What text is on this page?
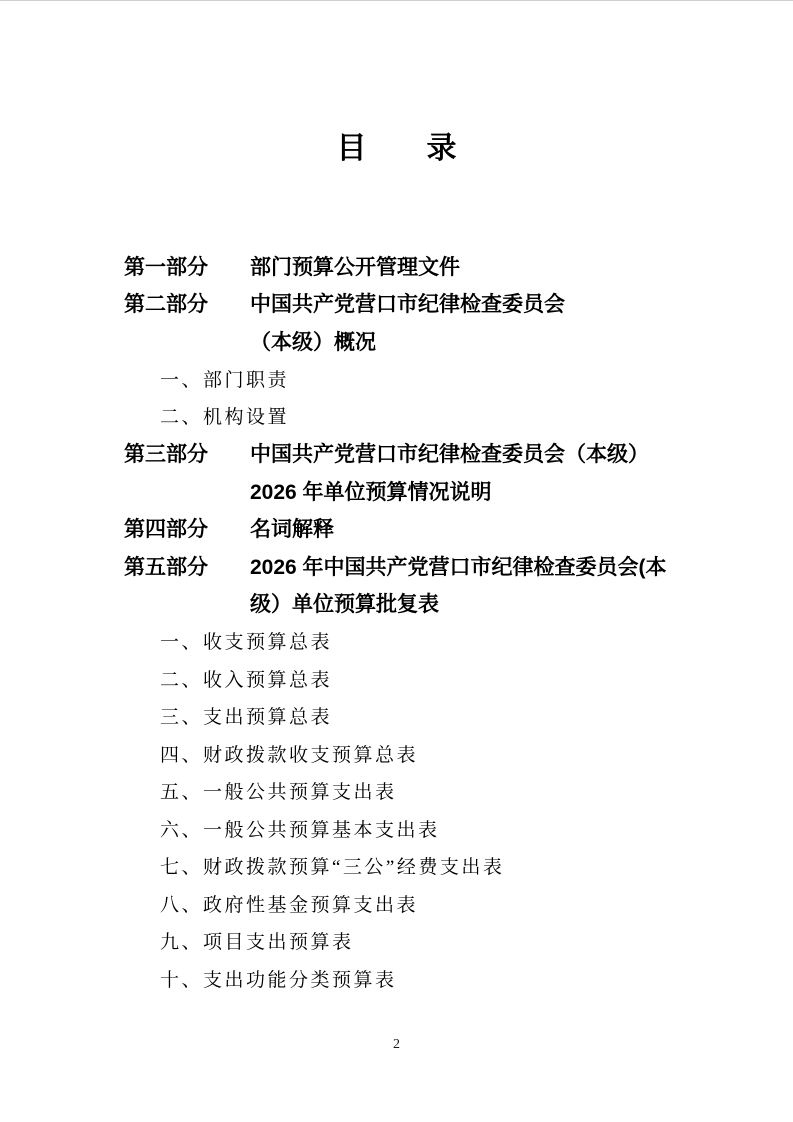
目　　录
第一部分	部门预算公开管理文件
第二部分	中国共产党营口市纪律检查委员会
（本级）概况
一、部门职责
二、机构设置
第三部分	中国共产党营口市纪律检查委员会（本级）
2026 年单位预算情况说明
第四部分	名词解释
第五部分	2026 年中国共产党营口市纪律检查委员会(本
级）单位预算批复表
一、收支预算总表
二、收入预算总表
三、支出预算总表
四、财政拨款收支预算总表
五、一般公共预算支出表
六、一般公共预算基本支出表
七、财政拨款预算“三公”经费支出表
八、政府性基金预算支出表
九、项目支出预算表
十、支出功能分类预算表
2
